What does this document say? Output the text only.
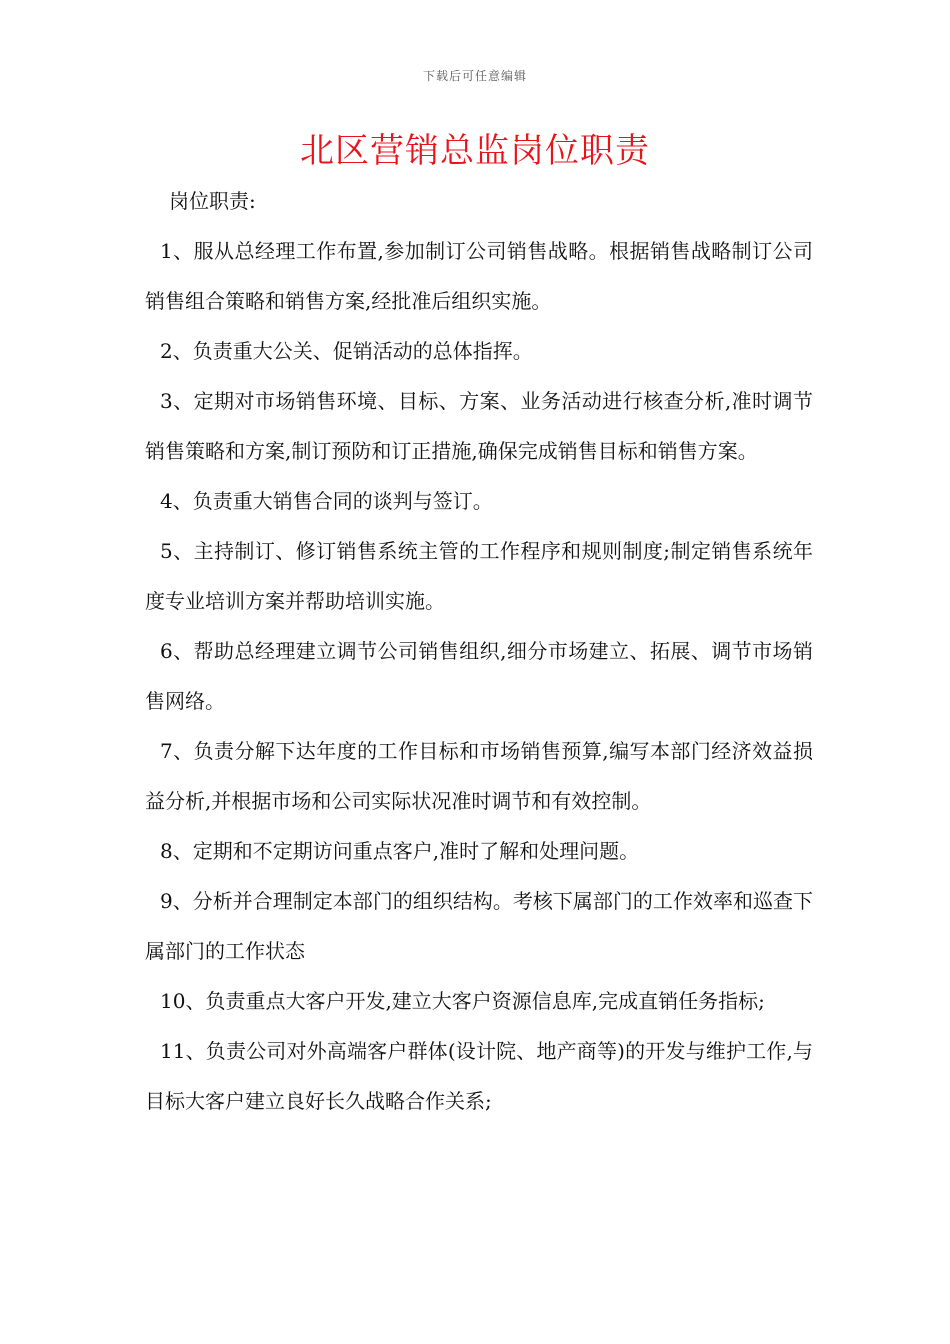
下载后可任意编辑
北区营销总监岗位职责

岗位职责:

1、服从总经理工作布置,参加制订公司销售战略。根据销售战略制订公司销售组合策略和销售方案,经批准后组织实施。

2、负责重大公关、促销活动的总体指挥。

3、定期对市场销售环境、目标、方案、业务活动进行核查分析,准时调节销售策略和方案,制订预防和订正措施,确保完成销售目标和销售方案。

4、负责重大销售合同的谈判与签订。

5、主持制订、修订销售系统主管的工作程序和规则制度;制定销售系统年度专业培训方案并帮助培训实施。

6、帮助总经理建立调节公司销售组织,细分市场建立、拓展、调节市场销售网络。

7、负责分解下达年度的工作目标和市场销售预算,编写本部门经济效益损益分析,并根据市场和公司实际状况准时调节和有效控制。

8、定期和不定期访问重点客户,准时了解和处理问题。

9、分析并合理制定本部门的组织结构。考核下属部门的工作效率和巡查下属部门的工作状态

10、负责重点大客户开发,建立大客户资源信息库,完成直销任务指标;

11、负责公司对外高端客户群体(设计院、地产商等)的开发与维护工作,与目标大客户建立良好长久战略合作关系;
